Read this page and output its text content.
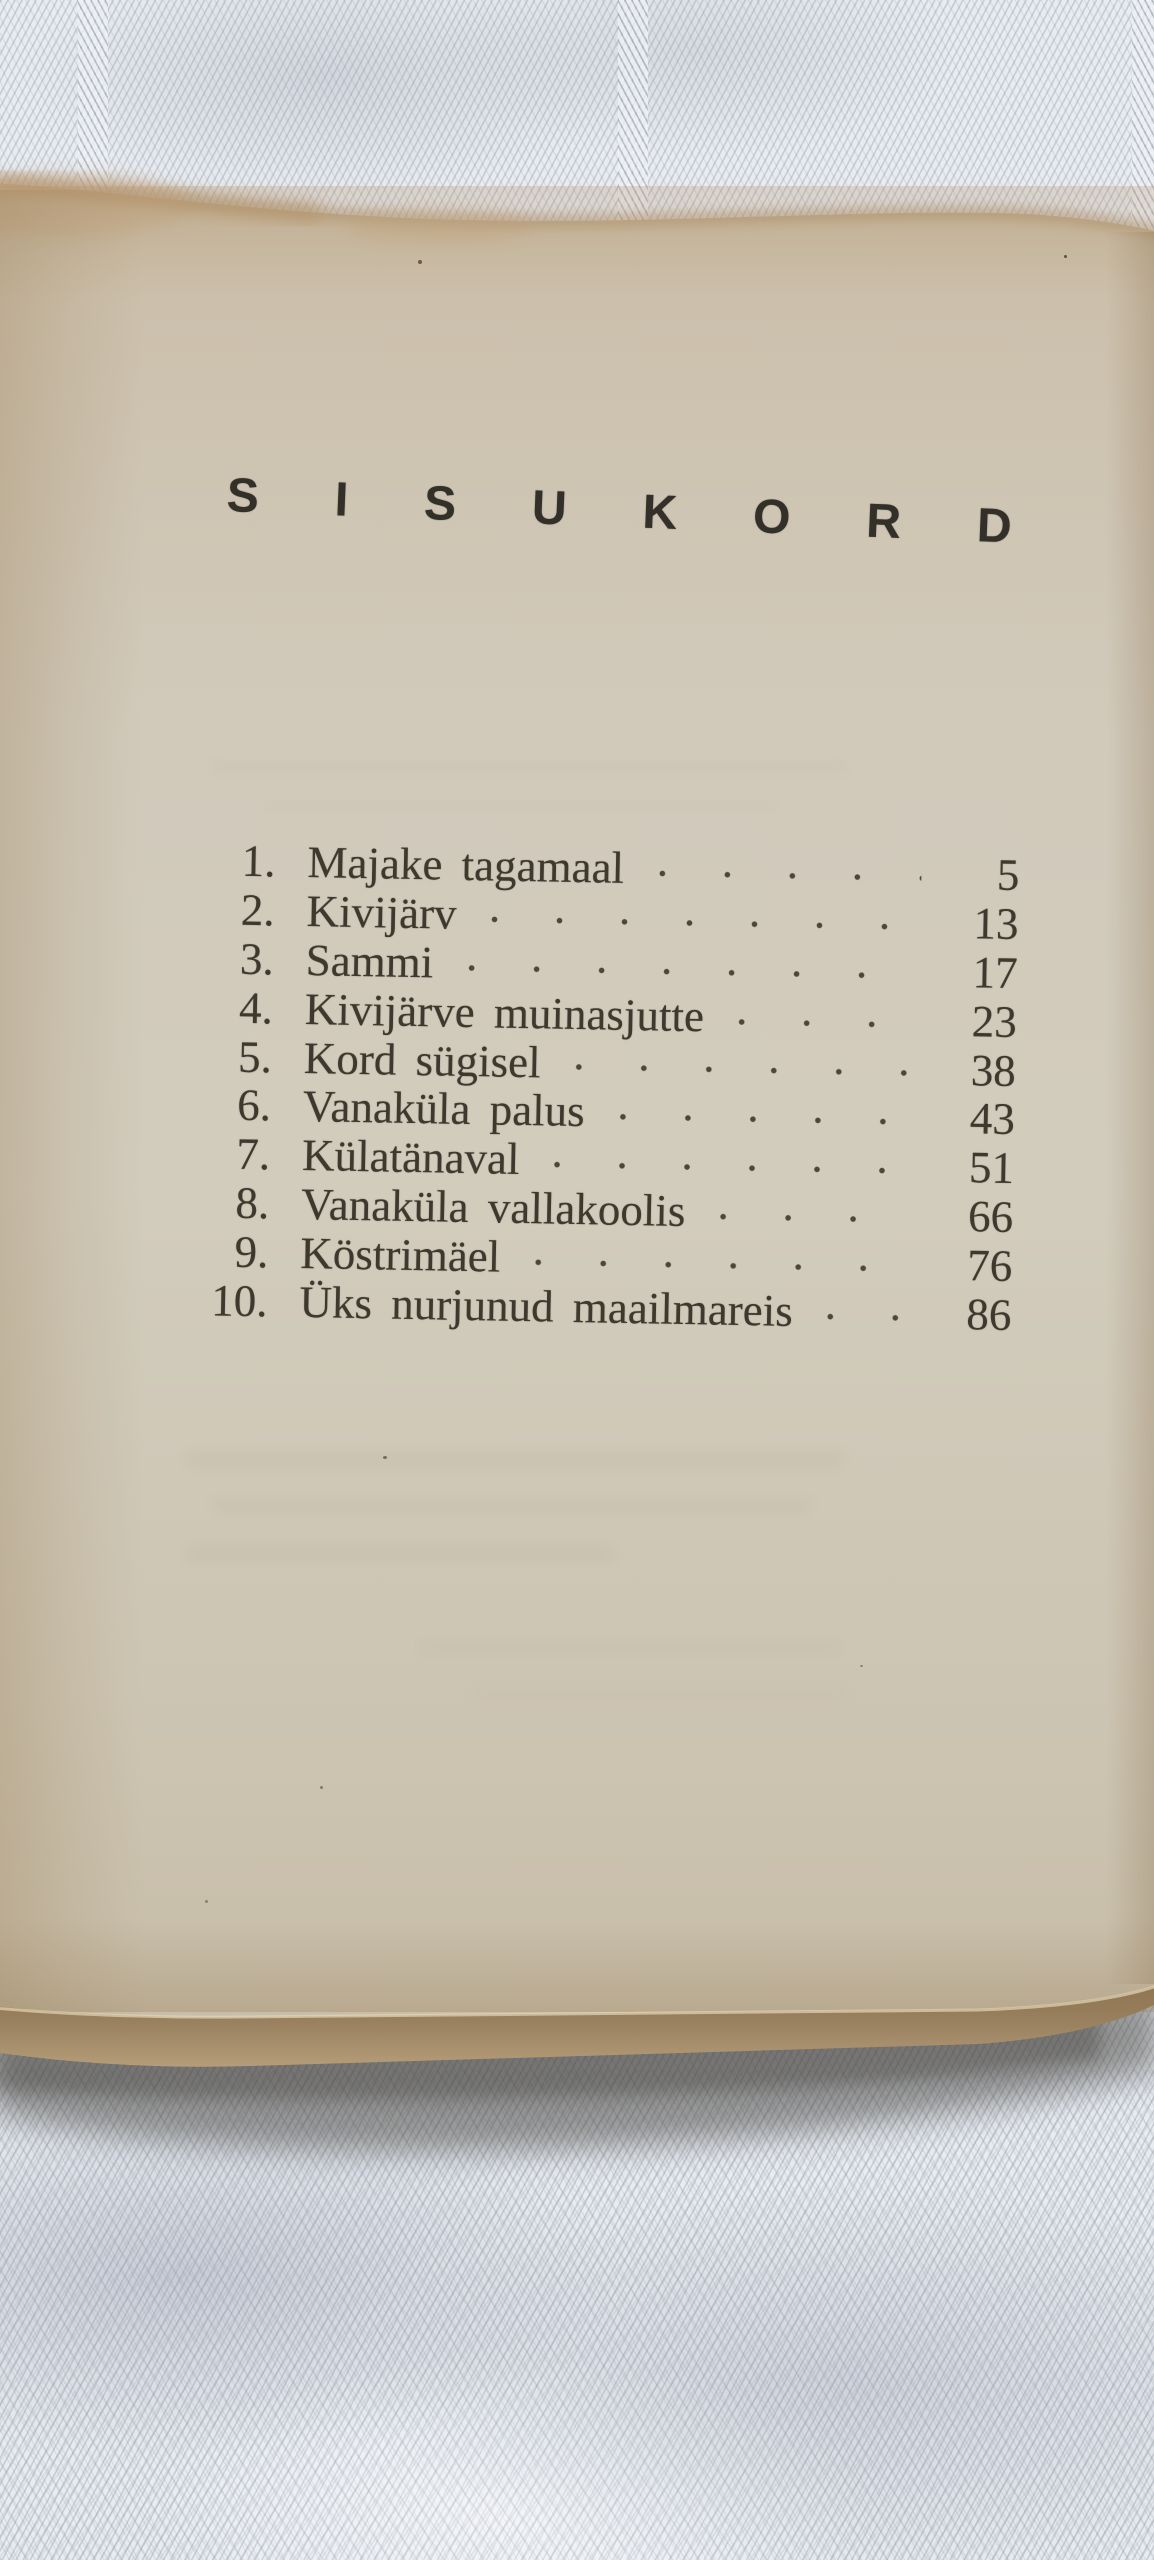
SISUKORD
1. Majake tagamaal	5
2. Kivijärv	13
3. Sammi	17
4. Kivijärve muinasjutte	23
5. Kord sügisel	38
6. Vanaküla palus	43
7. Külatänaval	51
8. Vanaküla vallakoolis	66
9. Köstrimäel	76
10. Üks nurjunud maailmareis	86
